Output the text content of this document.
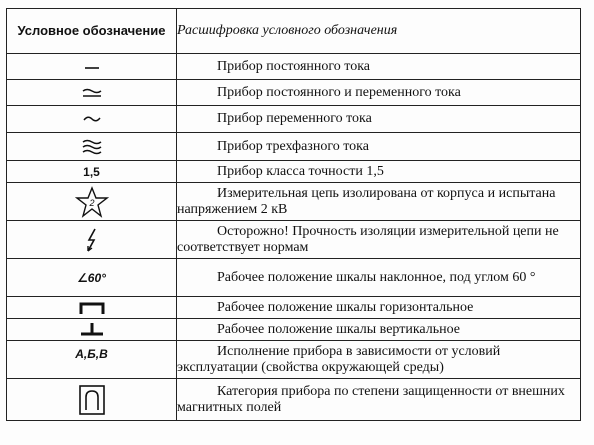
Условное обозначение	Расшифровка условного обозначения

	Прибор постоянного тока

	Прибор постоянного и переменного тока

	Прибор переменного тока

	Прибор трехфазного тока
1,5	Прибор класса точности 1,5

2	Измерительная цепь изолирована от корпуса и испытана напряжением 2 кВ

	Осторожно! Прочность изоляции измерительной цепи не соответствует нормам
∠60°	Рабочее положение шкалы наклонное, под углом 60 °

	Рабочее положение шкалы горизонтальное

	Рабочее положение шкалы вертикальное
А,Б,В	Исполнение прибора в зависимости от условий эксплуатации (свойства окружающей среды)

	Категория прибора по степени защищенности от внешних магнитных полей
